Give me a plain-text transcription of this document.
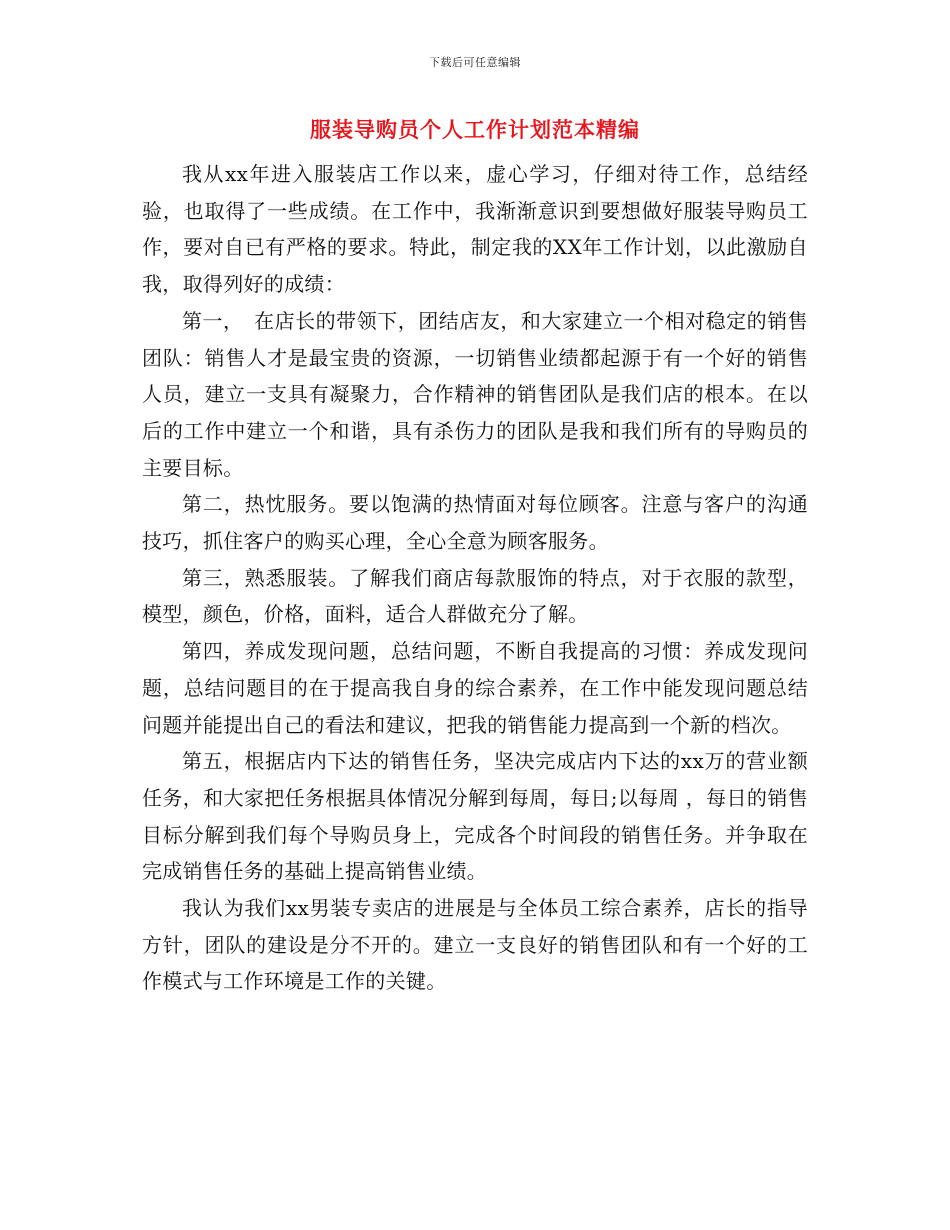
下载后可任意编辑
服装导购员个人工作计划范本精编

我从xx年进入服装店工作以来，虚心学习，仔细对待工作，总结经验，也取得了一些成绩。在工作中，我渐渐意识到要想做好服装导购员工作，要对自已有严格的要求。特此，制定我的XX年工作计划，以此激励自我，取得列好的成绩：

第一，　在店长的带领下，团结店友，和大家建立一个相对稳定的销售团队：销售人才是最宝贵的资源，一切销售业绩都起源于有一个好的销售人员，建立一支具有凝聚力，合作精神的销售团队是我们店的根本。在以后的工作中建立一个和谐，具有杀伤力的团队是我和我们所有的导购员的主要目标。

第二，热忱服务。要以饱满的热情面对每位顾客。注意与客户的沟通技巧，抓住客户的购买心理，全心全意为顾客服务。

第三，熟悉服装。了解我们商店每款服饰的特点，对于衣服的款型，模型，颜色，价格，面料，适合人群做充分了解。

第四，养成发现问题，总结问题，不断自我提高的习惯：养成发现问题，总结问题目的在于提高我自身的综合素养，在工作中能发现问题总结问题并能提出自己的看法和建议，把我的销售能力提高到一个新的档次。

第五，根据店内下达的销售任务，坚决完成店内下达的xx万的营业额任务，和大家把任务根据具体情况分解到每周，每日;以每周 ，每日的销售目标分解到我们每个导购员身上，完成各个时间段的销售任务。并争取在完成销售任务的基础上提高销售业绩。

我认为我们xx男装专卖店的进展是与全体员工综合素养，店长的指导方针，团队的建设是分不开的。建立一支良好的销售团队和有一个好的工作模式与工作环境是工作的关键。
